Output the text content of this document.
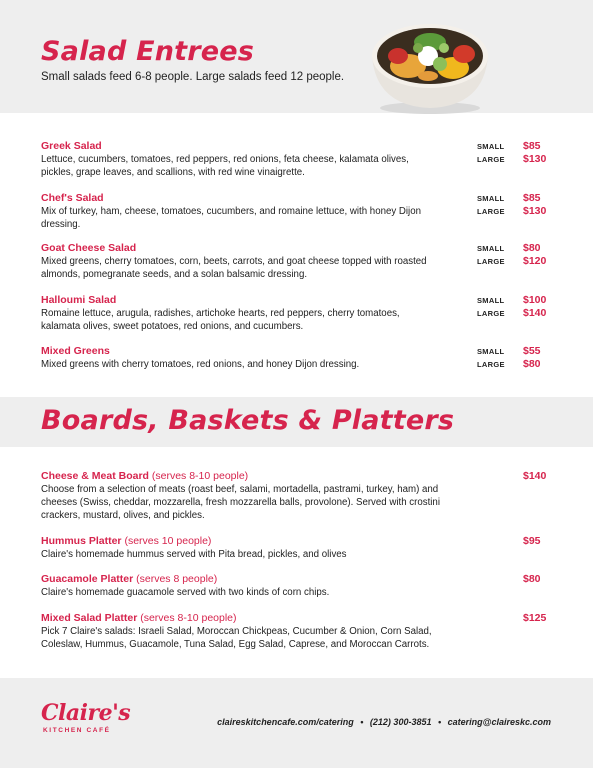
Salad Entrees

Small salads feed 6-8 people. Large salads feed 12 people.

Greek Salad
Lettuce, cucumbers, tomatoes, red peppers, red onions, feta cheese, kalamata olives, pickles, grape leaves, and scallions, with red wine vinaigrette.
SMALL
LARGE
$85
$130
Chef's Salad
Mix of turkey, ham, cheese, tomatoes, cucumbers, and romaine lettuce, with honey Dijon dressing.
SMALL
LARGE
$85
$130
Goat Cheese Salad
Mixed greens, cherry tomatoes, corn, beets, carrots, and goat cheese topped with roasted almonds, pomegranate seeds, and a solan balsamic dressing.
SMALL
LARGE
$80
$120
Halloumi Salad
Romaine lettuce, arugula, radishes, artichoke hearts, red peppers, cherry tomatoes, kalamata olives, sweet potatoes, red onions, and cucumbers.
SMALL
LARGE
$100
$140
Mixed Greens
Mixed greens with cherry tomatoes, red onions, and honey Dijon dressing.
SMALL
LARGE
$55
$80
Boards, Baskets & Platters
Cheese & Meat Board (serves 8-10 people)
Choose from a selection of meats (roast beef, salami, mortadella, pastrami, turkey, ham) and cheeses (Swiss, cheddar, mozzarella, fresh mozzarella balls, provolone). Served with crostini crackers, mustard, olives, and pickles.
$140
Hummus Platter (serves 10 people)
Claire's homemade hummus served with Pita bread, pickles, and olives
$95
Guacamole Platter (serves 8 people)
Claire's homemade guacamole served with two kinds of corn chips.
$80
Mixed Salad Platter (serves 8-10 people)
Pick 7 Claire's salads: Israeli Salad, Moroccan Chickpeas, Cucumber & Onion, Corn Salad, Coleslaw, Hummus, Guacamole, Tuna Salad, Egg Salad, Caprese, and Moroccan Carrots.
$125
Claire's
KITCHEN CAFÉ
claireskitchencafe.com/catering • (212) 300-3851 • catering@claireskc.com
